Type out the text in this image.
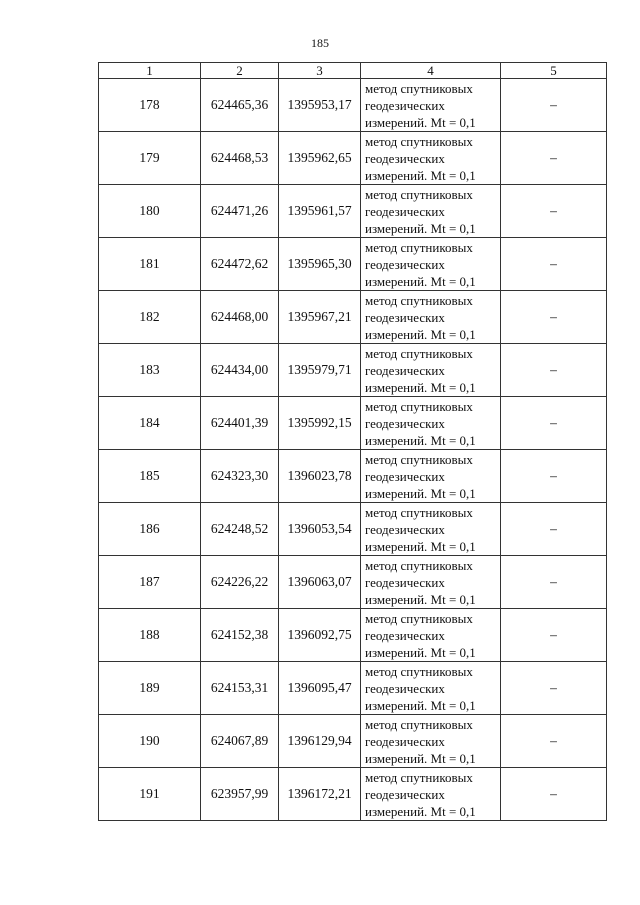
185
1	2	3	4	5
178	624465,36	1395953,17	метод спутниковых геодезических измерений. Mt = 0,1	–
179	624468,53	1395962,65	метод спутниковых геодезических измерений. Mt = 0,1	–
180	624471,26	1395961,57	метод спутниковых геодезических измерений. Mt = 0,1	–
181	624472,62	1395965,30	метод спутниковых геодезических измерений. Mt = 0,1	–
182	624468,00	1395967,21	метод спутниковых геодезических измерений. Mt = 0,1	–
183	624434,00	1395979,71	метод спутниковых геодезических измерений. Mt = 0,1	–
184	624401,39	1395992,15	метод спутниковых геодезических измерений. Mt = 0,1	–
185	624323,30	1396023,78	метод спутниковых геодезических измерений. Mt = 0,1	–
186	624248,52	1396053,54	метод спутниковых геодезических измерений. Mt = 0,1	–
187	624226,22	1396063,07	метод спутниковых геодезических измерений. Mt = 0,1	–
188	624152,38	1396092,75	метод спутниковых геодезических измерений. Mt = 0,1	–
189	624153,31	1396095,47	метод спутниковых геодезических измерений. Mt = 0,1	–
190	624067,89	1396129,94	метод спутниковых геодезических измерений. Mt = 0,1	–
191	623957,99	1396172,21	метод спутниковых геодезических измерений. Mt = 0,1	–
